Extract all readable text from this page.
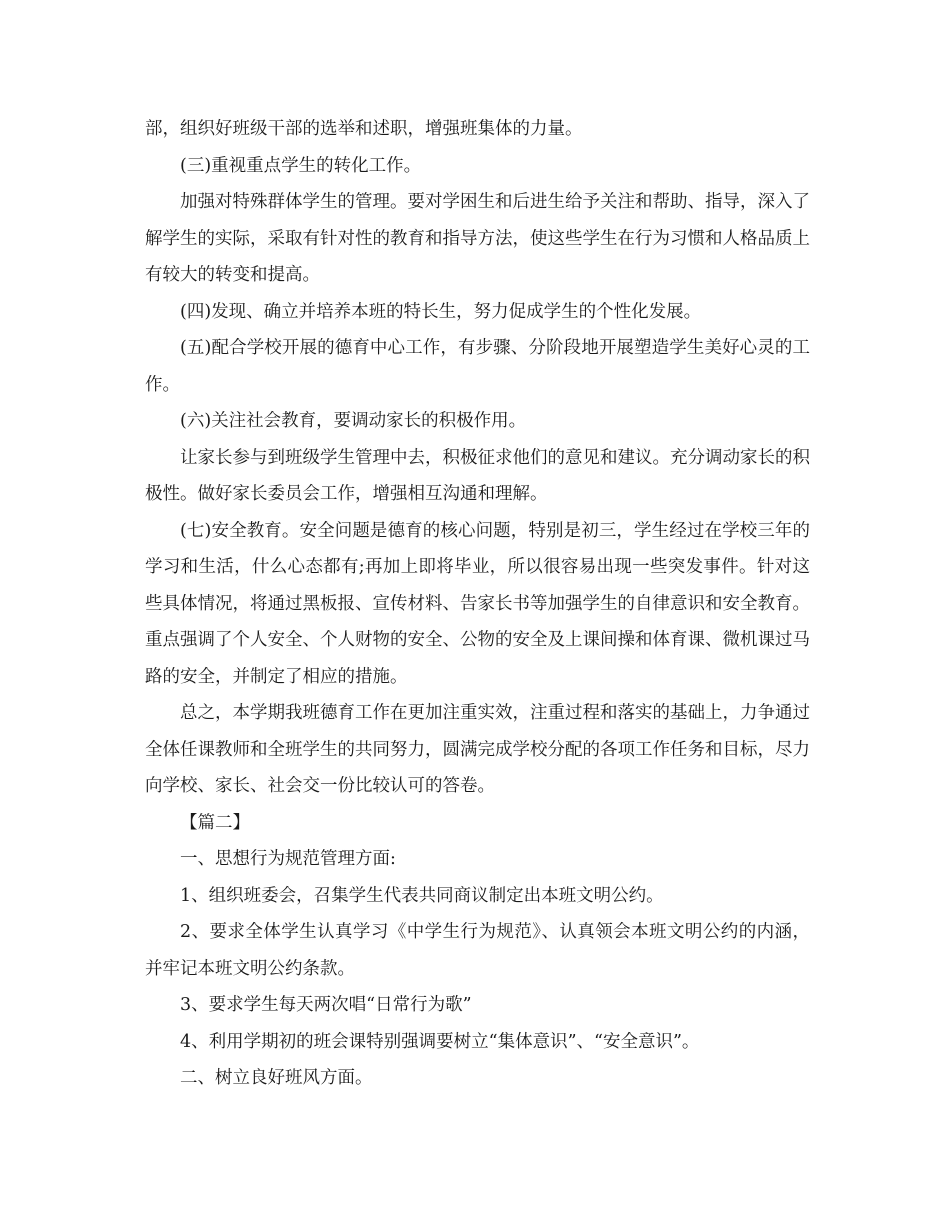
部，组织好班级干部的选举和述职，增强班集体的力量。

(三)重视重点学生的转化工作。

加强对特殊群体学生的管理。要对学困生和后进生给予关注和帮助、指导，深入了解学生的实际，采取有针对性的教育和指导方法，使这些学生在行为习惯和人格品质上有较大的转变和提高。

(四)发现、确立并培养本班的特长生，努力促成学生的个性化发展。

(五)配合学校开展的德育中心工作，有步骤、分阶段地开展塑造学生美好心灵的工作。

(六)关注社会教育，要调动家长的积极作用。

让家长参与到班级学生管理中去，积极征求他们的意见和建议。充分调动家长的积极性。做好家长委员会工作，增强相互沟通和理解。

(七)安全教育。安全问题是德育的核心问题，特别是初三，学生经过在学校三年的学习和生活，什么心态都有;再加上即将毕业，所以很容易出现一些突发事件。针对这些具体情况，将通过黑板报、宣传材料、告家长书等加强学生的自律意识和安全教育。重点强调了个人安全、个人财物的安全、公物的安全及上课间操和体育课、微机课过马路的安全，并制定了相应的措施。

总之，本学期我班德育工作在更加注重实效，注重过程和落实的基础上，力争通过全体任课教师和全班学生的共同努力，圆满完成学校分配的各项工作任务和目标，尽力向学校、家长、社会交一份比较认可的答卷。

【篇二】

一、思想行为规范管理方面:

1、组织班委会，召集学生代表共同商议制定出本班文明公约。

2、要求全体学生认真学习《中学生行为规范》、认真领会本班文明公约的内涵，并牢记本班文明公约条款。

3、要求学生每天两次唱“日常行为歌”

4、利用学期初的班会课特别强调要树立“集体意识”、“安全意识”。

二、树立良好班风方面。
